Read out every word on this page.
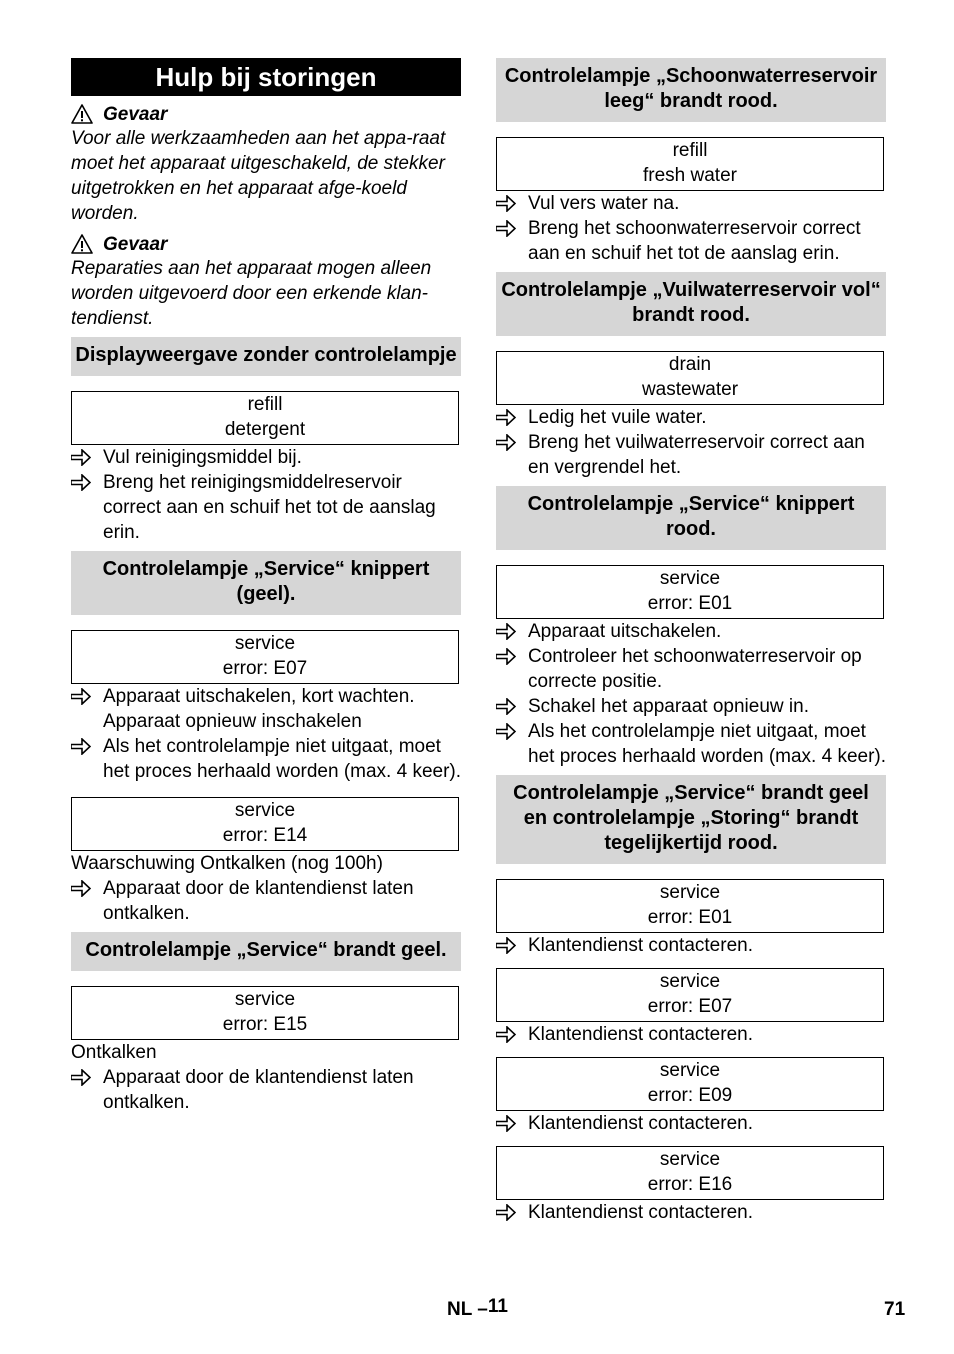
Hulp bij storingen
Gevaar
Voor alle werkzaamheden aan het appa-raat moet het apparaat uitgeschakeld, de stekker uitgetrokken en het apparaat afge-koeld worden.
Gevaar
Reparaties aan het apparaat mogen alleen worden uitgevoerd door een erkende klan-tendienst.
Displayweergave zonder controlelampje
refill
detergent
Vul reinigingsmiddel bij.
Breng het reinigingsmiddelreservoir correct aan en schuif het tot de aanslag erin.
Controlelampje „Service“ knippert (geel).
service
error: E07
Apparaat uitschakelen, kort wachten. Apparaat opnieuw inschakelen
Als het controlelampje niet uitgaat, moet het proces herhaald worden (max. 4 keer).
service
error: E14
Waarschuwing Ontkalken (nog 100h)
Apparaat door de klantendienst laten ontkalken.
Controlelampje „Service“ brandt geel.
service
error: E15
Ontkalken
Apparaat door de klantendienst laten ontkalken.
Controlelampje „Schoonwaterreservoir leeg“ brandt rood.
refill
fresh water
Vul vers water na.
Breng het schoonwaterreservoir correct aan en schuif het tot de aanslag erin.
Controlelampje „Vuilwaterreservoir vol“ brandt rood.
drain
wastewater
Ledig het vuile water.
Breng het vuilwaterreservoir correct aan en vergrendel het.
Controlelampje „Service“ knippert rood.
service
error: E01
Apparaat uitschakelen.
Controleer het schoonwaterreservoir op correcte positie.
Schakel het apparaat opnieuw in.
Als het controlelampje niet uitgaat, moet het proces herhaald worden (max. 4 keer).
Controlelampje „Service“ brandt geel en controlelampje „Storing“ brandt tegelijkertijd rood.
service
error: E01
Klantendienst contacteren.
service
error: E07
Klantendienst contacteren.
service
error: E09
Klantendienst contacteren.
service
error: E16
Klantendienst contacteren.
NL –11	71
